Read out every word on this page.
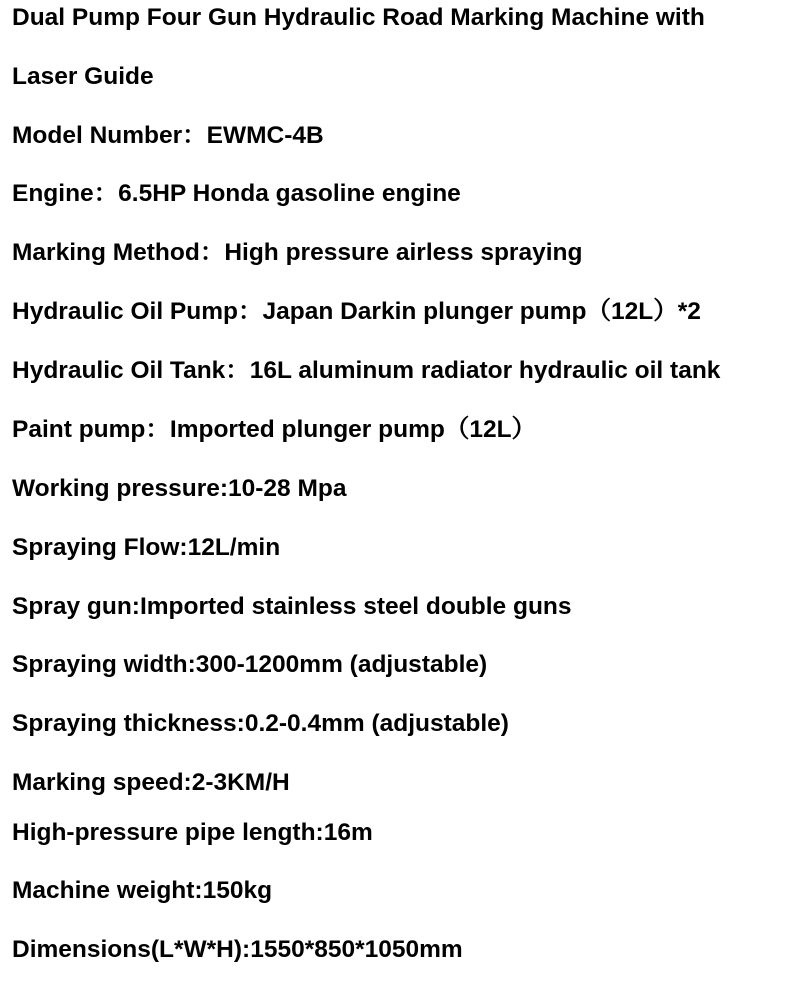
Dual Pump Four Gun Hydraulic Road Marking Machine with
Laser Guide
Model Number：EWMC-4B
Engine：6.5HP Honda gasoline engine
Marking Method：High pressure airless spraying
Hydraulic Oil Pump：Japan Darkin plunger pump（12L）*2
Hydraulic Oil Tank：16L aluminum radiator hydraulic oil tank
Paint pump：Imported plunger pump（12L）
Working pressure:10-28 Mpa
Spraying Flow:12L/min
Spray gun:Imported stainless steel double guns
Spraying width:300-1200mm (adjustable)
Spraying thickness:0.2-0.4mm (adjustable)
Marking speed:2-3KM/H
High-pressure pipe length:16m
Machine weight:150kg
Dimensions(L*W*H):1550*850*1050mm
